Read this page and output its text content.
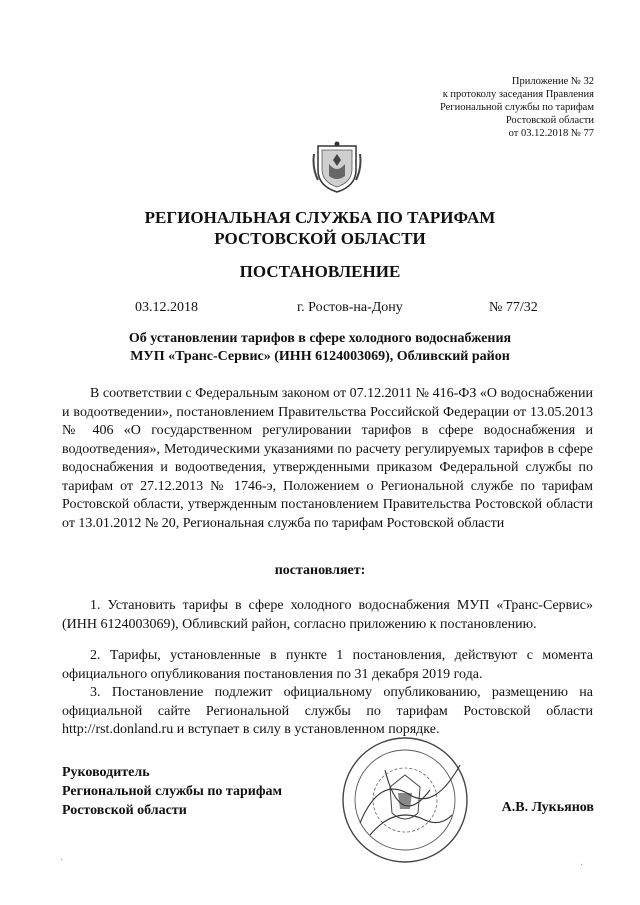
Приложение № 32
к протоколу заседания Правления
Региональной службы по тарифам
Ростовской области
от 03.12.2018 № 77
РЕГИОНАЛЬНАЯ СЛУЖБА ПО ТАРИФАМ
РОСТОВСКОЙ ОБЛАСТИ
ПОСТАНОВЛЕНИЕ
03.12.2018	г. Ростов-на-Дону	№ 77/32
Об установлении тарифов в сфере холодного водоснабжения
МУП «Транс-Сервис» (ИНН 6124003069), Обливский район

В соответствии с Федеральным законом от 07.12.2011 № 416-ФЗ «О водоснабжении и водоотведении», постановлением Правительства Российской Федерации от 13.05.2013 № 406 «О государственном регулировании тарифов в сфере водоснабжения и водоотведения», Методическими указаниями по расчету регулируемых тарифов в сфере водоснабжения и водоотведения, утвержденными приказом Федеральной службы по тарифам от 27.12.2013 № 1746-э, Положением о Региональной службе по тарифам Ростовской области, утвержденным постановлением Правительства Ростовской области от 13.01.2012 № 20, Региональная служба по тарифам Ростовской области

постановляет:

1. Установить тарифы в сфере холодного водоснабжения МУП «Транс-Сервис» (ИНН 6124003069), Обливский район, согласно приложению к постановлению.

2. Тарифы, установленные в пункте 1 постановления, действуют с момента официального опубликования постановления по 31 декабря 2019 года.

3. Постановление подлежит официальному опубликованию, размещению на официальной сайте Региональной службы по тарифам Ростовской области http://rst.donland.ru и вступает в силу в установленном порядке.

Руководитель
Региональной службы по тарифам
Ростовской области	А.В. Лукьянов
·	·
